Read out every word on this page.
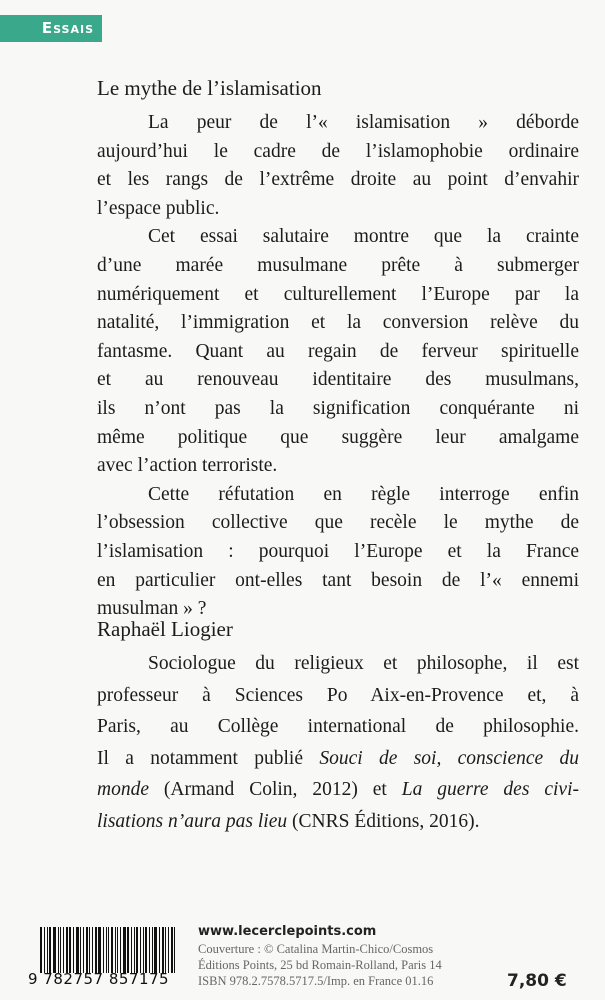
Essais
Le mythe de l’islamisation
La peur de l’« islamisation » déborde
aujourd’hui le cadre de l’islamophobie ordinaire
et les rangs de l’extrême droite au point d’envahir
l’espace public.
Cet essai salutaire montre que la crainte
d’une marée musulmane prête à submerger
numériquement et culturellement l’Europe par la
natalité, l’immigration et la conversion relève du
fantasme. Quant au regain de ferveur spirituelle
et au renouveau identitaire des musulmans,
ils n’ont pas la signification conquérante ni
même politique que suggère leur amalgame
avec l’action terroriste.
Cette réfutation en règle interroge enfin
l’obsession collective que recèle le mythe de
l’islamisation : pourquoi l’Europe et la France
en particulier ont-elles tant besoin de l’« ennemi
musulman » ?
Raphaël Liogier
Sociologue du religieux et philosophe, il est
professeur à Sciences Po Aix-en-Provence et, à
Paris, au Collège international de philosophie.
Il a notamment publié Souci de soi, conscience du
monde (Armand Colin, 2012) et La guerre des civi-
lisations n’aura pas lieu (CNRS Éditions, 2016).
9 782757 857175
www.lecerclepoints.com
Couverture : © Catalina Martin-Chico/Cosmos
Éditions Points, 25 bd Romain-Rolland, Paris 14
ISBN 978.2.7578.5717.5/Imp. en France 01.16	7,80 €
